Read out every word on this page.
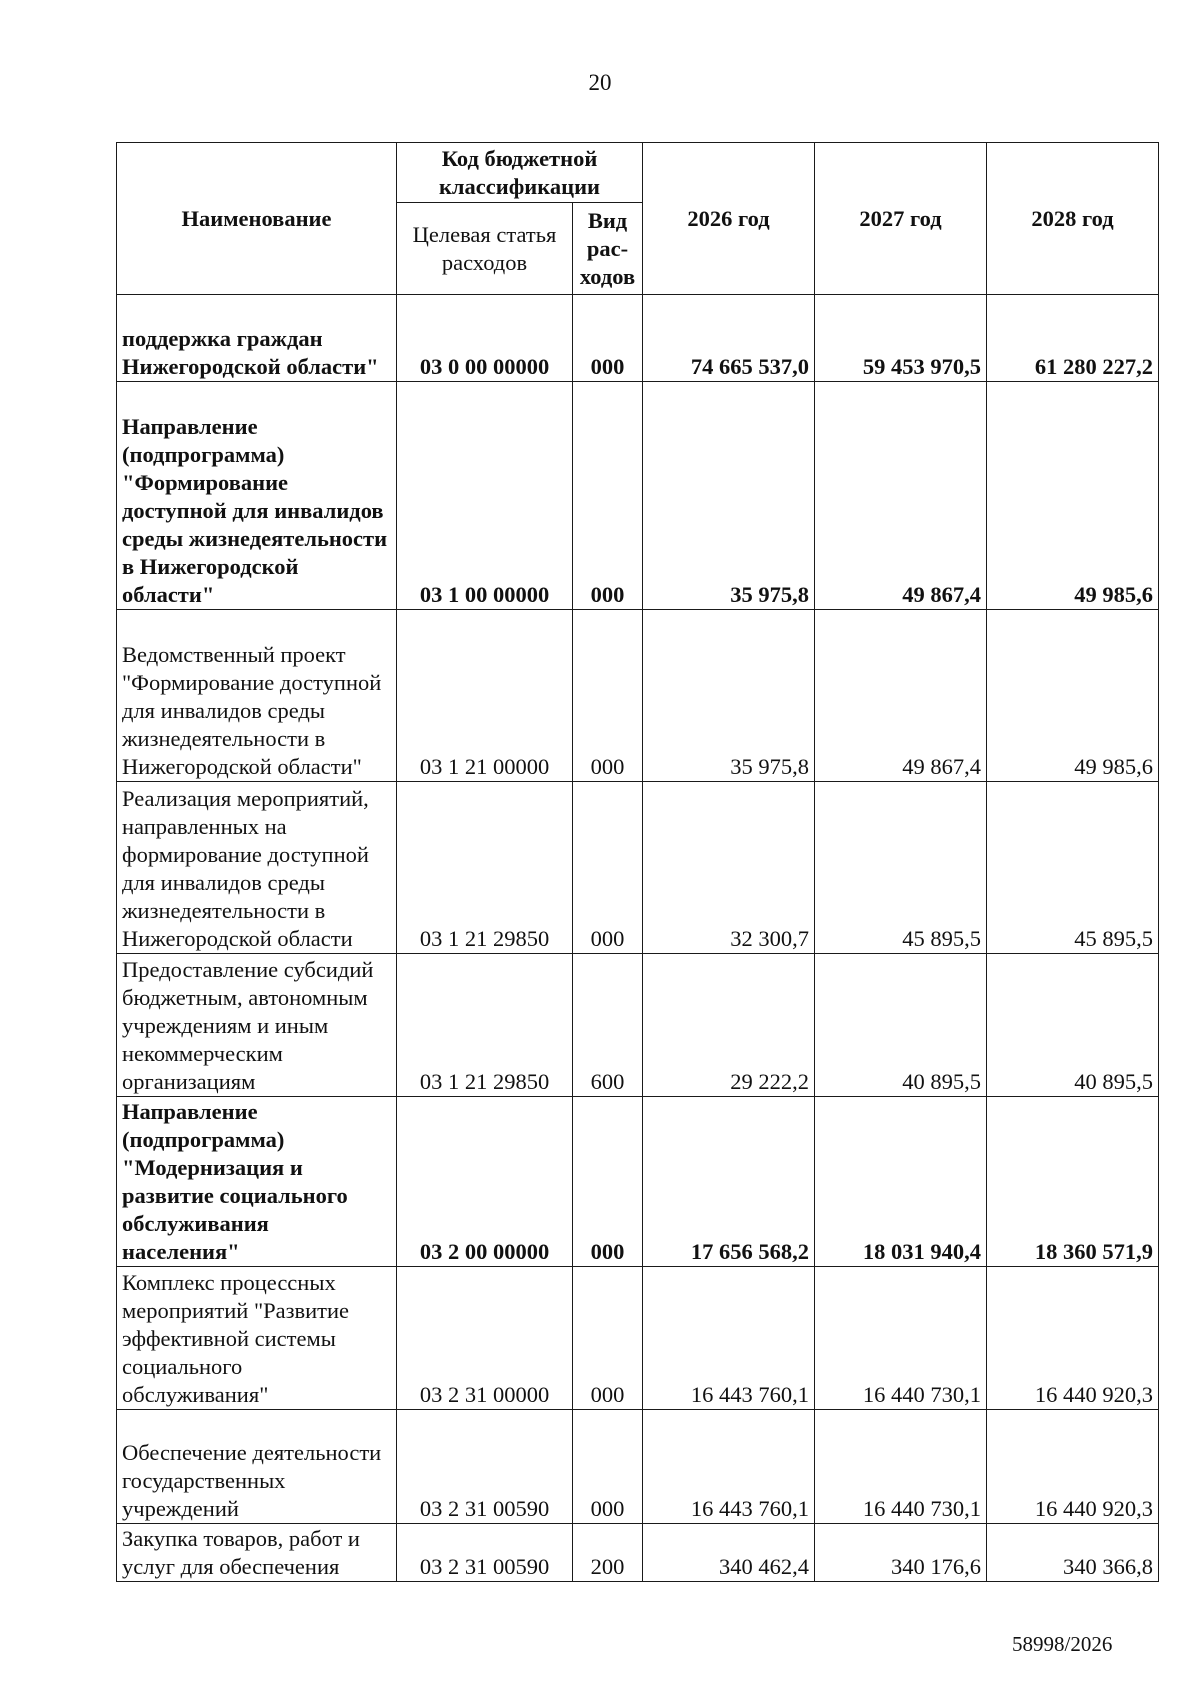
20
Наименование	Код бюджетной классификации		2026 год	2027 год	2028 год
	Целевая статья расходов	Вид рас-ходов			
поддержка граждан Нижегородской области"	03 0 00 00000	000	74 665 537,0	59 453 970,5	61 280 227,2
Направление (подпрограмма) "Формирование доступной для инвалидов среды жизнедеятельности в Нижегородской области"	03 1 00 00000	000	35 975,8	49 867,4	49 985,6
Ведомственный проект "Формирование доступной для инвалидов среды жизнедеятельности в Нижегородской области"	03 1 21 00000	000	35 975,8	49 867,4	49 985,6
Реализация мероприятий, направленных на формирование доступной для инвалидов среды жизнедеятельности в Нижегородской области	03 1 21 29850	000	32 300,7	45 895,5	45 895,5
Предоставление субсидий бюджетным, автономным учреждениям и иным некоммерческим организациям	03 1 21 29850	600	29 222,2	40 895,5	40 895,5
Направление (подпрограмма) "Модернизация и развитие социального обслуживания населения"	03 2 00 00000	000	17 656 568,2	18 031 940,4	18 360 571,9
Комплекс процессных мероприятий "Развитие эффективной системы социального обслуживания"	03 2 31 00000	000	16 443 760,1	16 440 730,1	16 440 920,3
Обеспечение деятельности государственных учреждений	03 2 31 00590	000	16 443 760,1	16 440 730,1	16 440 920,3
Закупка товаров, работ и услуг для обеспечения	03 2 31 00590	200	340 462,4	340 176,6	340 366,8
58998/2026
